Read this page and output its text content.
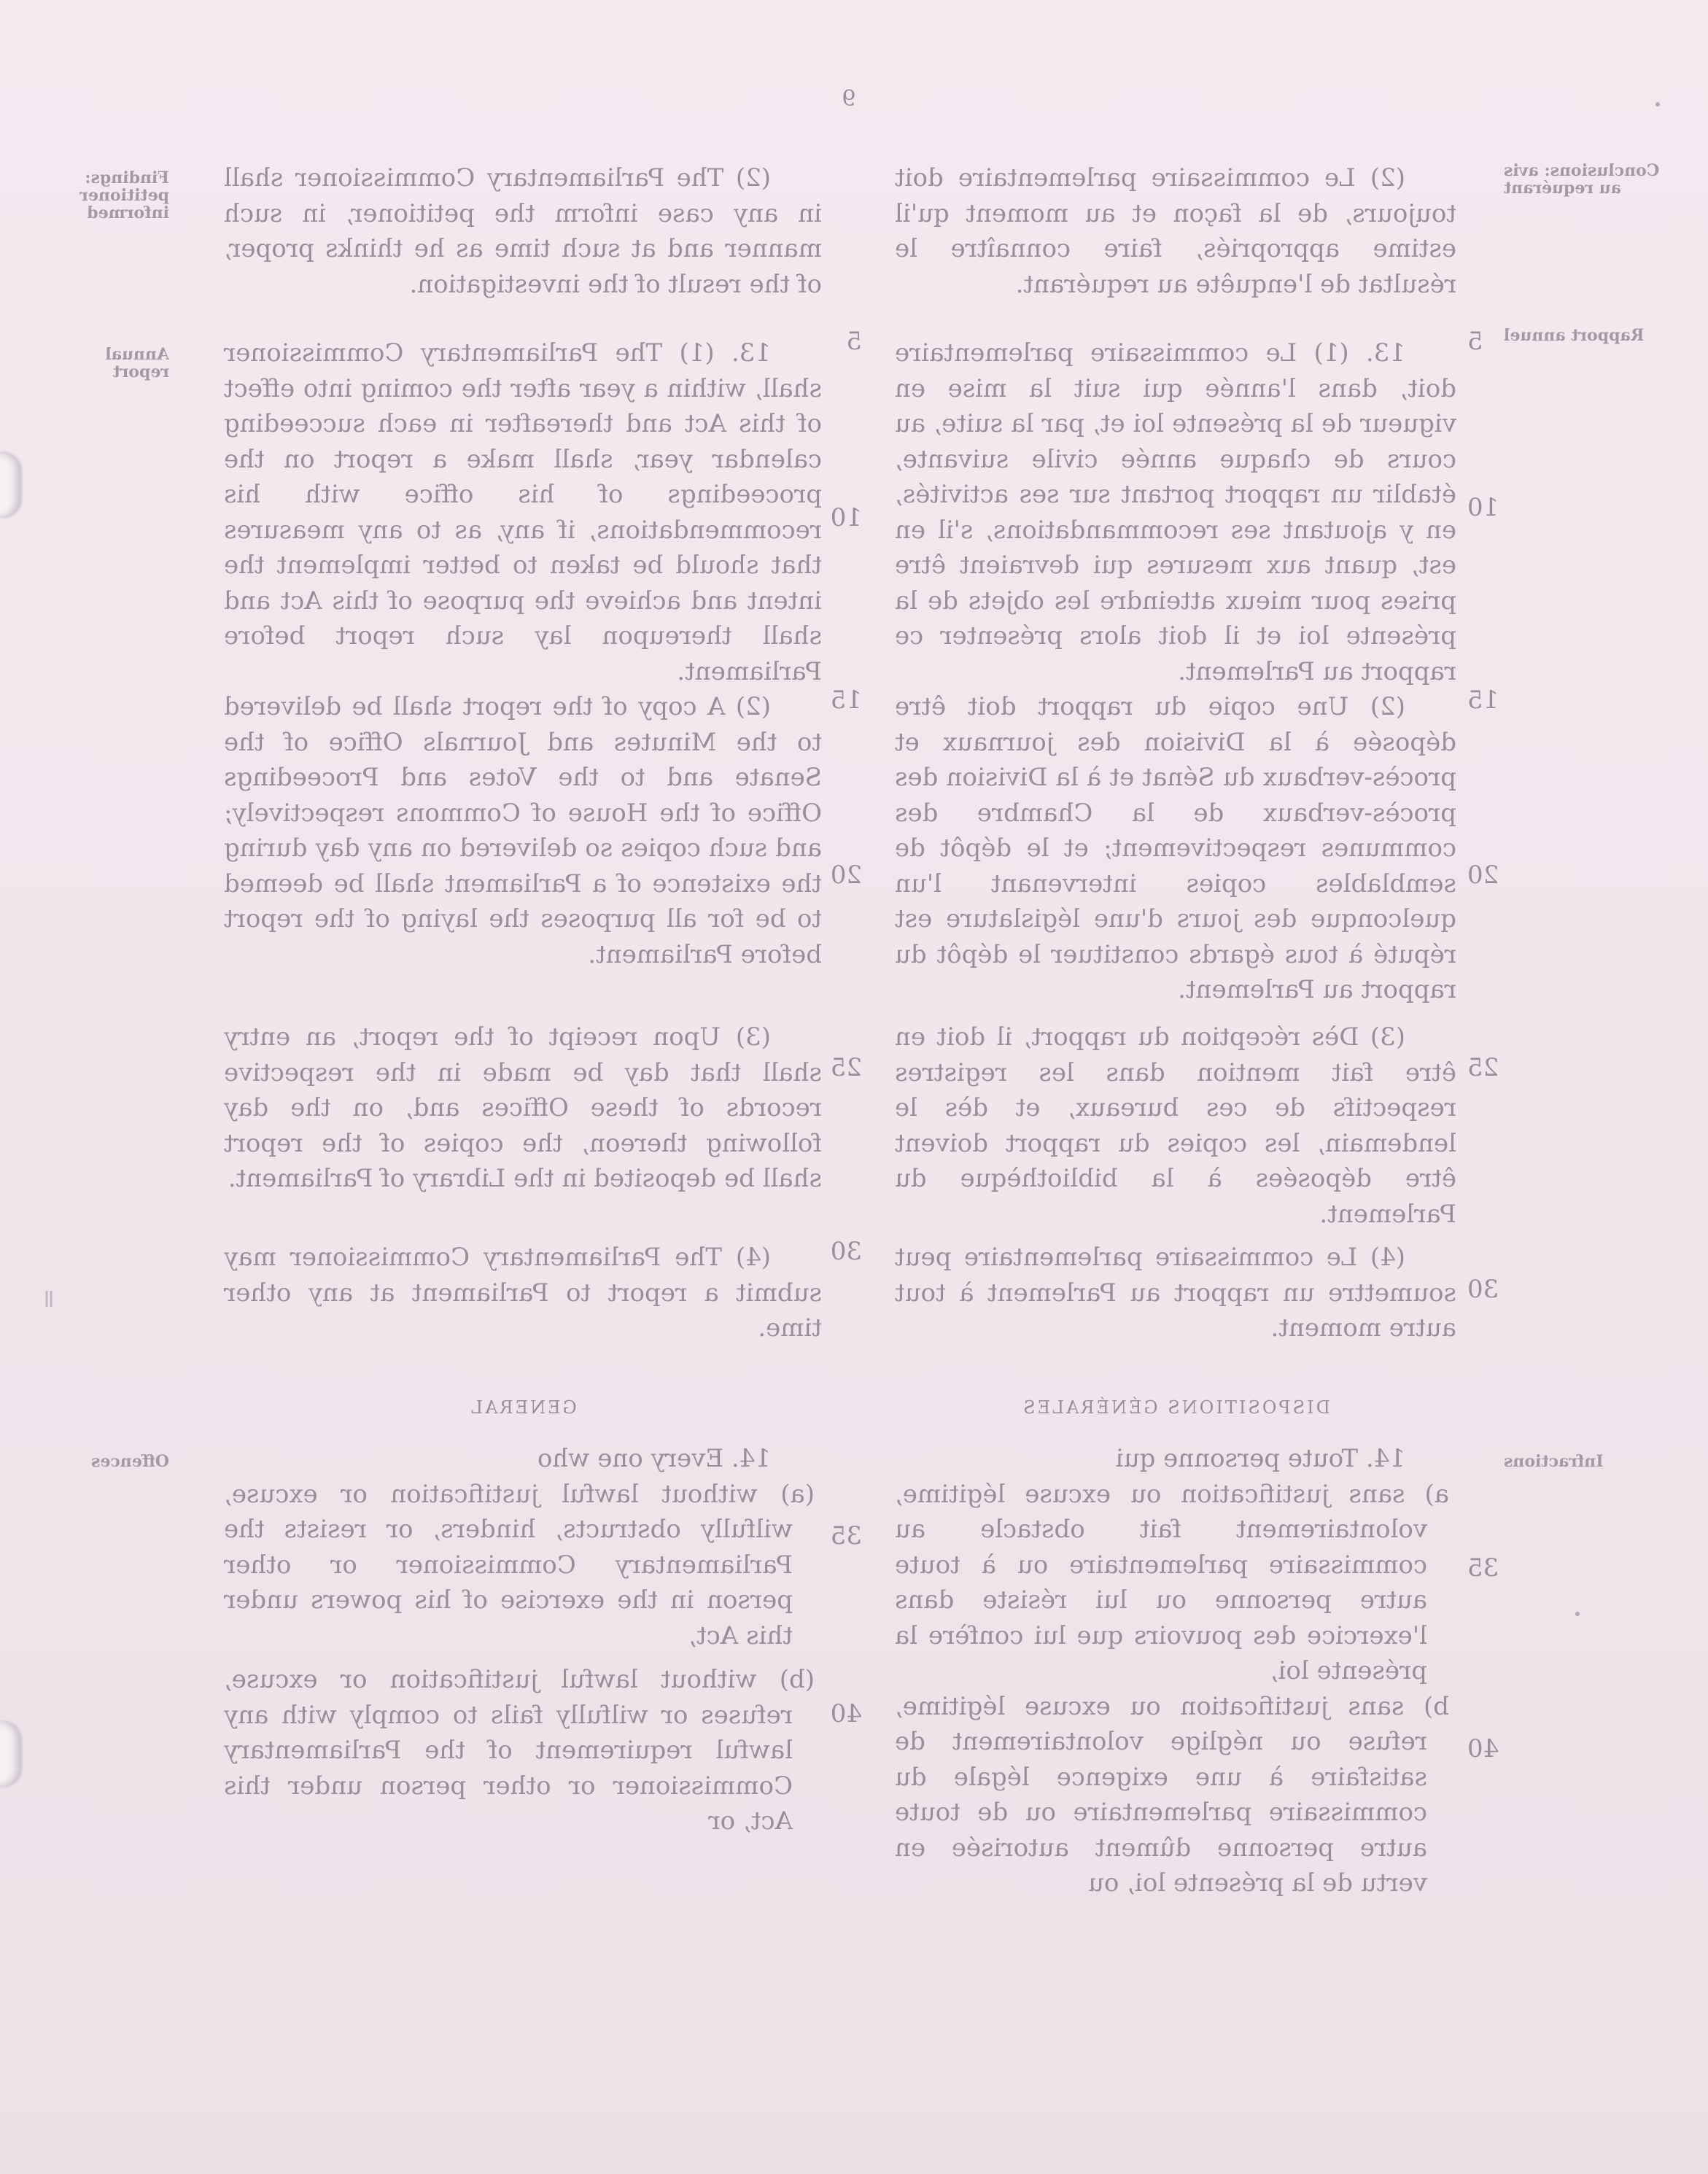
9

(2) The Parliamentary Commissioner shall in any case inform the petitioner, in such manner and at such time as he thinks proper, of the result of the investigation.

13. (1) The Parliamentary Commissioner shall, within a year after the coming into effect of this Act and thereafter in each succeeding calendar year, shall make a report on the proceedings of his office with his recommendations, if any, as to any measures that should be taken to better implement the intent and achieve the purpose of this Act and shall thereupon lay such report before Parliament.

(2) A copy of the report shall be delivered to the Minutes and Journals Office of the Senate and to the Votes and Proceedings Office of the House of Commons respectively; and such copies so delivered on any day during the existence of a Parliament shall be deemed to be for all purposes the laying of the report before Parliament.

(3) Upon receipt of the report, an entry shall that day be made in the respective records of these Offices and, on the day following thereon, the copies of the report shall be deposited in the Library of Parliament.

(4) The Parliamentary Commissioner may submit a report to Parliament at any other time.

GENERAL

14. Every one who

(a) without lawful justification or excuse, wilfully obstructs, hinders, or resists the Parliamentary Commissioner or other person in the exercise of his powers under this Act,

(b) without lawful justification or excuse, refuses or wilfully fails to comply with any lawful requirement of the Parliamentary Commissioner or other person under this Act, or

(2) Le commissaire parlementaire doit toujours, de la façon et au moment qu'il estime appropriés, faire connaître le résultat de l'enquête au requérant.

13. (1) Le commissaire parlementaire doit, dans l'année qui suit la mise en vigueur de la présente loi et, par la suite, au cours de chaque année civile suivante, établir un rapport portant sur ses activités, en y ajoutant ses recommandations, s'il en est, quant aux mesures qui devraient être prises pour mieux atteindre les objets de la présente loi et il doit alors présenter ce rapport au Parlement.

(2) Une copie du rapport doit être déposée à la Division des journaux et procès-verbaux du Sénat et à la Division des procès-verbaux de la Chambre des communes respectivement; et le dépôt de semblables copies intervenant l'un quelconque des jours d'une législature est réputé à tous égards constituer le dépôt du rapport au Parlement.

(3) Dès réception du rapport, il doit en être fait mention dans les registres respectifs de ces bureaux, et dès le lendemain, les copies du rapport doivent être déposées à la bibliothèque du Parlement.

(4) Le commissaire parlementaire peut soumettre un rapport au Parlement à tout autre moment.

DISPOSITIONS GÉNÉRALES

14. Toute personne qui

a) sans justification ou excuse légitime, volontairement fait obstacle au commissaire parlementaire ou à toute autre personne ou lui résiste dans l'exercice des pouvoirs que lui confère la présente loi,

b) sans justification ou excuse légitime, refuse ou néglige volontairement de satisfaire à une exigence légale du commissaire parlementaire ou de toute autre personne dûment autorisée en vertu de la présente loi, ou

Findings: petitioner informed
Annual report
Offences
Conclusions: avis au requérant
Rapport annuel
Infractions
5
10
15
20
25
30
35
40
5
10
15
20
25
30
35
40
